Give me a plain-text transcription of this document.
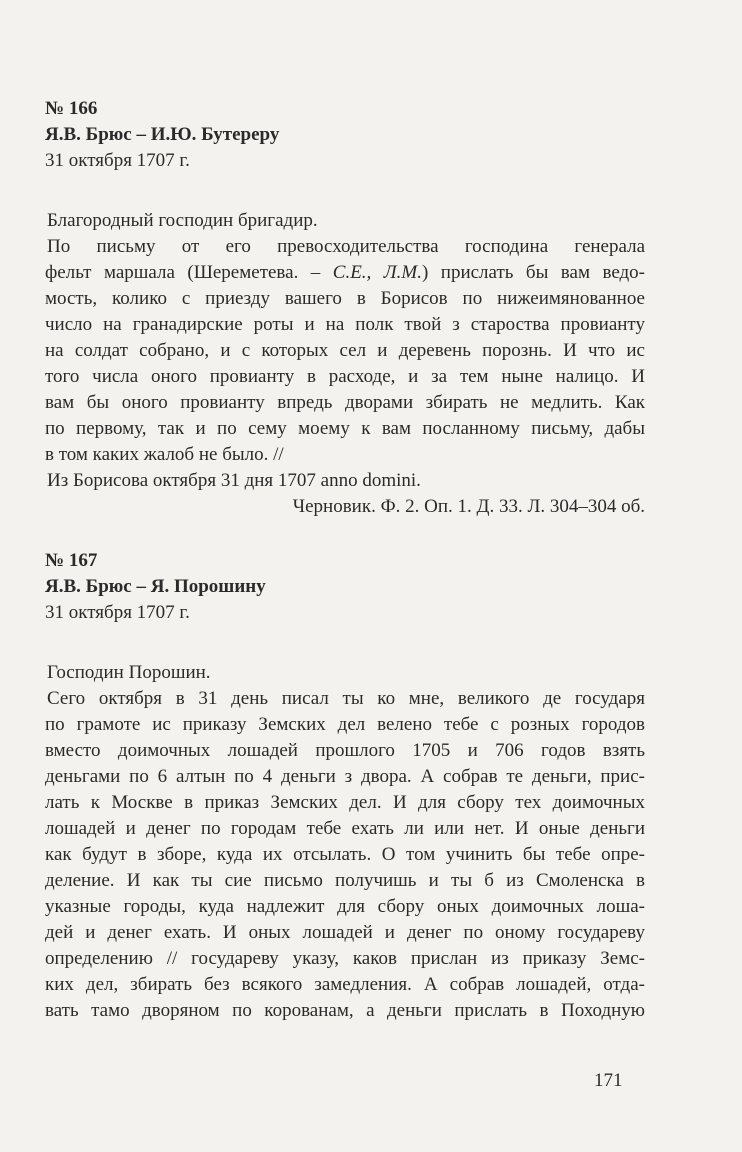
№ 166

Я.В. Брюс – И.Ю. Бутереру

31 октября 1707 г.

Благородный господин бригадир.

По письму от его превосходительства господина генерала

фельт маршала (Шереметева. – С.Е., Л.М.) прислать бы вам ведо-

мость, колико с приезду вашего в Борисов по нижеимянованное

число на гранадирские роты и на полк твой з староства провианту

на солдат собрано, и с которых сел и деревень порознь. И что ис

того числа оного провианту в расходе, и за тем ныне налицо. И

вам бы оного провианту впредь дворами збирать не медлить. Как

по первому, так и по сему моему к вам посланному письму, дабы

в том каких жалоб не было. //

Из Борисова октября 31 дня 1707 anno domini.

Черновик. Ф. 2. Оп. 1. Д. 33. Л. 304–304 об.

№ 167

Я.В. Брюс – Я. Порошину

31 октября 1707 г.

Господин Порошин.

Сего октября в 31 день писал ты ко мне, великого де государя

по грамоте ис приказу Земских дел велено тебе с розных городов

вместо доимочных лошадей прошлого 1705 и 706 годов взять

деньгами по 6 алтын по 4 деньги з двора. А собрав те деньги, прис-

лать к Москве в приказ Земских дел. И для сбору тех доимочных

лошадей и денег по городам тебе ехать ли или нет. И оные деньги

как будут в зборе, куда их отсылать. О том учинить бы тебе опре-

деление. И как ты сие письмо получишь и ты б из Смоленска в

указные городы, куда надлежит для сбору оных доимочных лоша-

дей и денег ехать. И оных лошадей и денег по оному государеву

определению // государеву указу, каков прислан из приказу Земс-

ких дел, збирать без всякого замедления. А собрав лошадей, отда-

вать тамо дворяном по корованам, а деньги прислать в Походную

171
